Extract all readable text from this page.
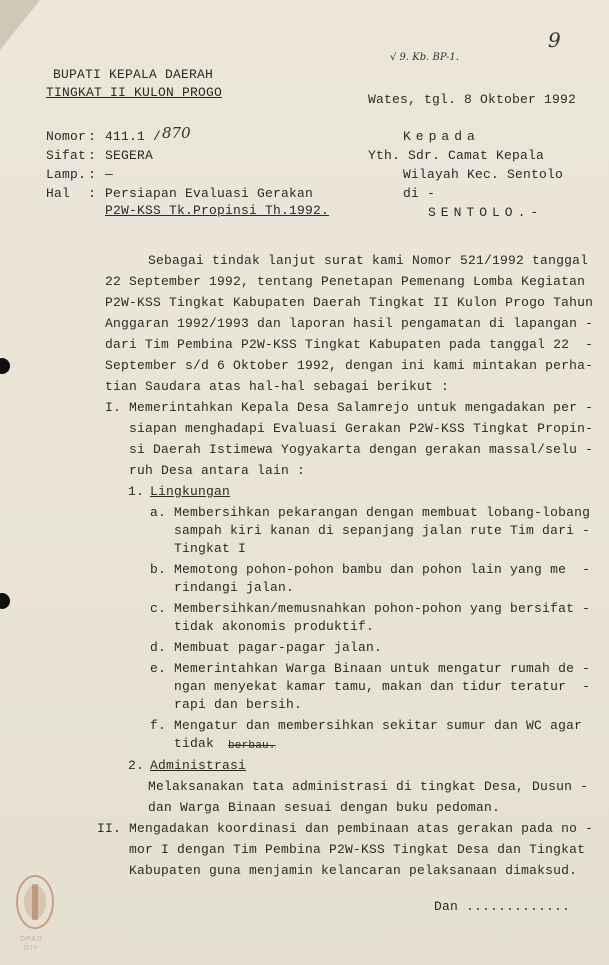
9
√ 9. Kb. BP-1.
BUPATI KEPALA DAERAH
TINGKAT II KULON PROGO	Wates, tgl. 8 Oktober 1992
Nomor : 411.1 / 870
Sifat : SEGERA
Lamp. : —
Hal : Persiapan Evaluasi Gerakan
P2W-KSS Tk.Propinsi Th.1992.
Kepada
Yth. Sdr. Camat Kepala
Wilayah Kec. Sentolo
di -
SENTOLO.-
Sebagai tindak lanjut surat kami Nomor 521/1992 tanggal
22 September 1992, tentang Penetapan Pemenang Lomba Kegiatan
P2W-KSS Tingkat Kabupaten Daerah Tingkat II Kulon Progo Tahun
Anggaran 1992/1993 dan laporan hasil pengamatan di lapangan -
dari Tim Pembina P2W-KSS Tingkat Kabupaten pada tanggal 22  -
September s/d 6 Oktober 1992, dengan ini kami mintakan perha-
tian Saudara atas hal-hal sebagai berikut :
I. Memerintahkan Kepala Desa Salamrejo untuk mengadakan per -
siapan menghadapi Evaluasi Gerakan P2W-KSS Tingkat Propin-
si Daerah Istimewa Yogyakarta dengan gerakan massal/selu -
ruh Desa antara lain :
1. Lingkungan
a. Membersihkan pekarangan dengan membuat lobang-lobang
sampah kiri kanan di sepanjang jalan rute Tim dari -
Tingkat I
b. Memotong pohon-pohon bambu dan pohon lain yang me  -
rindangi jalan.
c. Membersihkan/memusnahkan pohon-pohon yang bersifat -
tidak akonomis produktif.
d. Membuat pagar-pagar jalan.
e. Memerintahkan Warga Binaan untuk mengatur rumah de -
ngan menyekat kamar tamu, makan dan tidur teratur  -
rapi dan bersih.
f. Mengatur dan membersihkan sekitar sumur dan WC agar
tidak berbau.
2. Administrasi
Melaksanakan tata administrasi di tingkat Desa, Dusun -
dan Warga Binaan sesuai dengan buku pedoman.
II. Mengadakan koordinasi dan pembinaan atas gerakan pada no -
mor I dengan Tim Pembina P2W-KSS Tingkat Desa dan Tingkat
Kabupaten guna menjamin kelancaran pelaksanaan dimaksud.
Dan .............
DPAD
DIY
